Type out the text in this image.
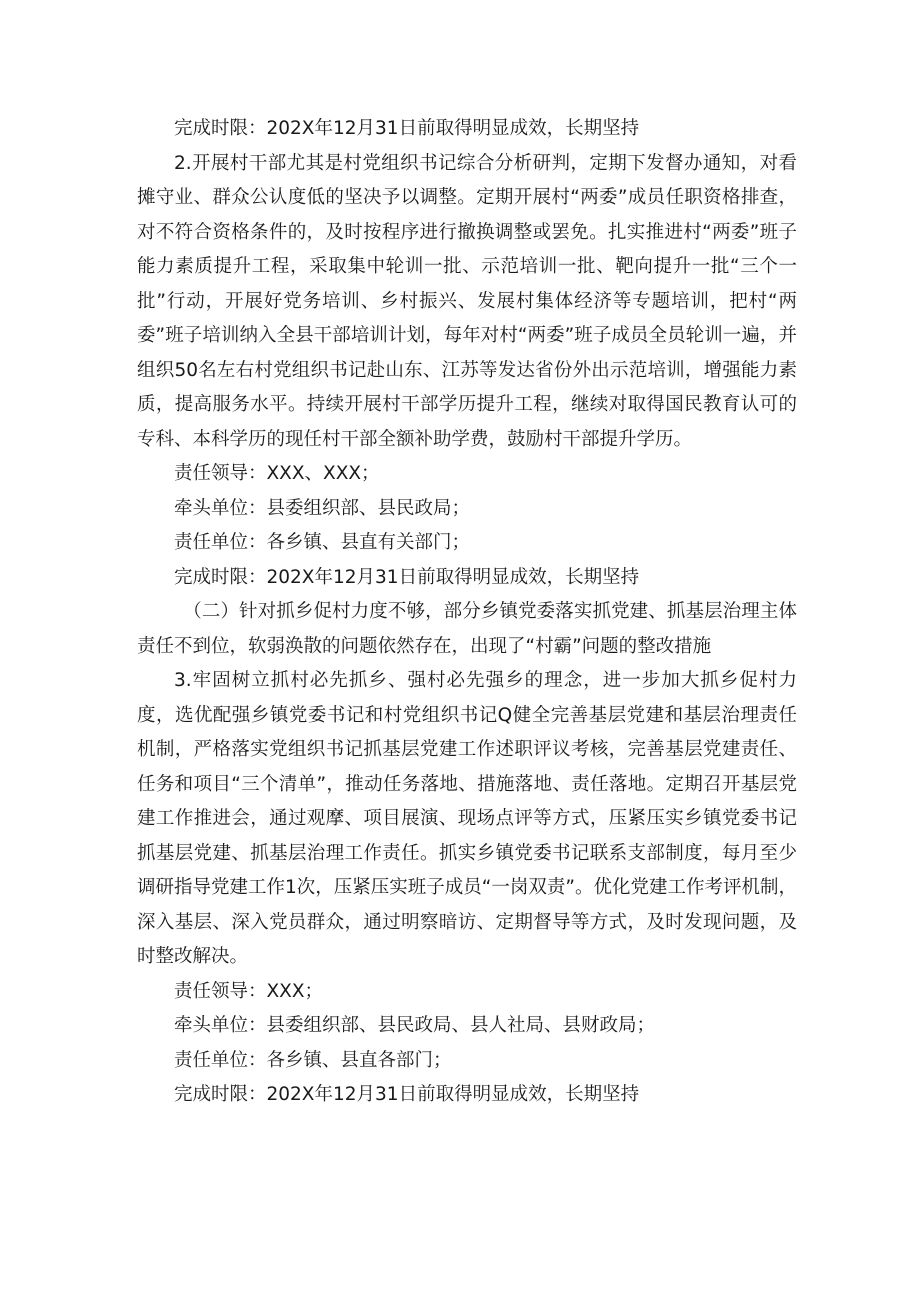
完成时限：202X年12月31日前取得明显成效，长期坚持

2.开展村干部尤其是村党组织书记综合分析研判，定期下发督办通知，对看摊守业、群众公认度低的坚决予以调整。定期开展村“两委”成员任职资格排查，对不符合资格条件的，及时按程序进行撤换调整或罢免。扎实推进村“两委”班子能力素质提升工程，采取集中轮训一批、示范培训一批、靶向提升一批“三个一批”行动，开展好党务培训、乡村振兴、发展村集体经济等专题培训，把村“两委”班子培训纳入全县干部培训计划，每年对村“两委”班子成员全员轮训一遍，并组织50名左右村党组织书记赴山东、江苏等发达省份外出示范培训，增强能力素质，提高服务水平。持续开展村干部学历提升工程，继续对取得国民教育认可的专科、本科学历的现任村干部全额补助学费，鼓励村干部提升学历。

责任领导：XXX、XXX；

牵头单位：县委组织部、县民政局；

责任单位：各乡镇、县直有关部门；

完成时限：202X年12月31日前取得明显成效，长期坚持

（二）针对抓乡促村力度不够，部分乡镇党委落实抓党建、抓基层治理主体责任不到位，软弱涣散的问题依然存在，出现了“村霸”问题的整改措施

3.牢固树立抓村必先抓乡、强村必先强乡的理念，进一步加大抓乡促村力度，选优配强乡镇党委书记和村党组织书记Q健全完善基层党建和基层治理责任机制，严格落实党组织书记抓基层党建工作述职评议考核，完善基层党建责任、任务和项目“三个清单”，推动任务落地、措施落地、责任落地。定期召开基层党建工作推进会，通过观摩、项目展演、现场点评等方式，压紧压实乡镇党委书记抓基层党建、抓基层治理工作责任。抓实乡镇党委书记联系支部制度，每月至少调研指导党建工作1次，压紧压实班子成员“一岗双责”。优化党建工作考评机制，深入基层、深入党员群众，通过明察暗访、定期督导等方式，及时发现问题，及时整改解决。

责任领导：XXX；

牵头单位：县委组织部、县民政局、县人社局、县财政局；

责任单位：各乡镇、县直各部门；

完成时限：202X年12月31日前取得明显成效，长期坚持
